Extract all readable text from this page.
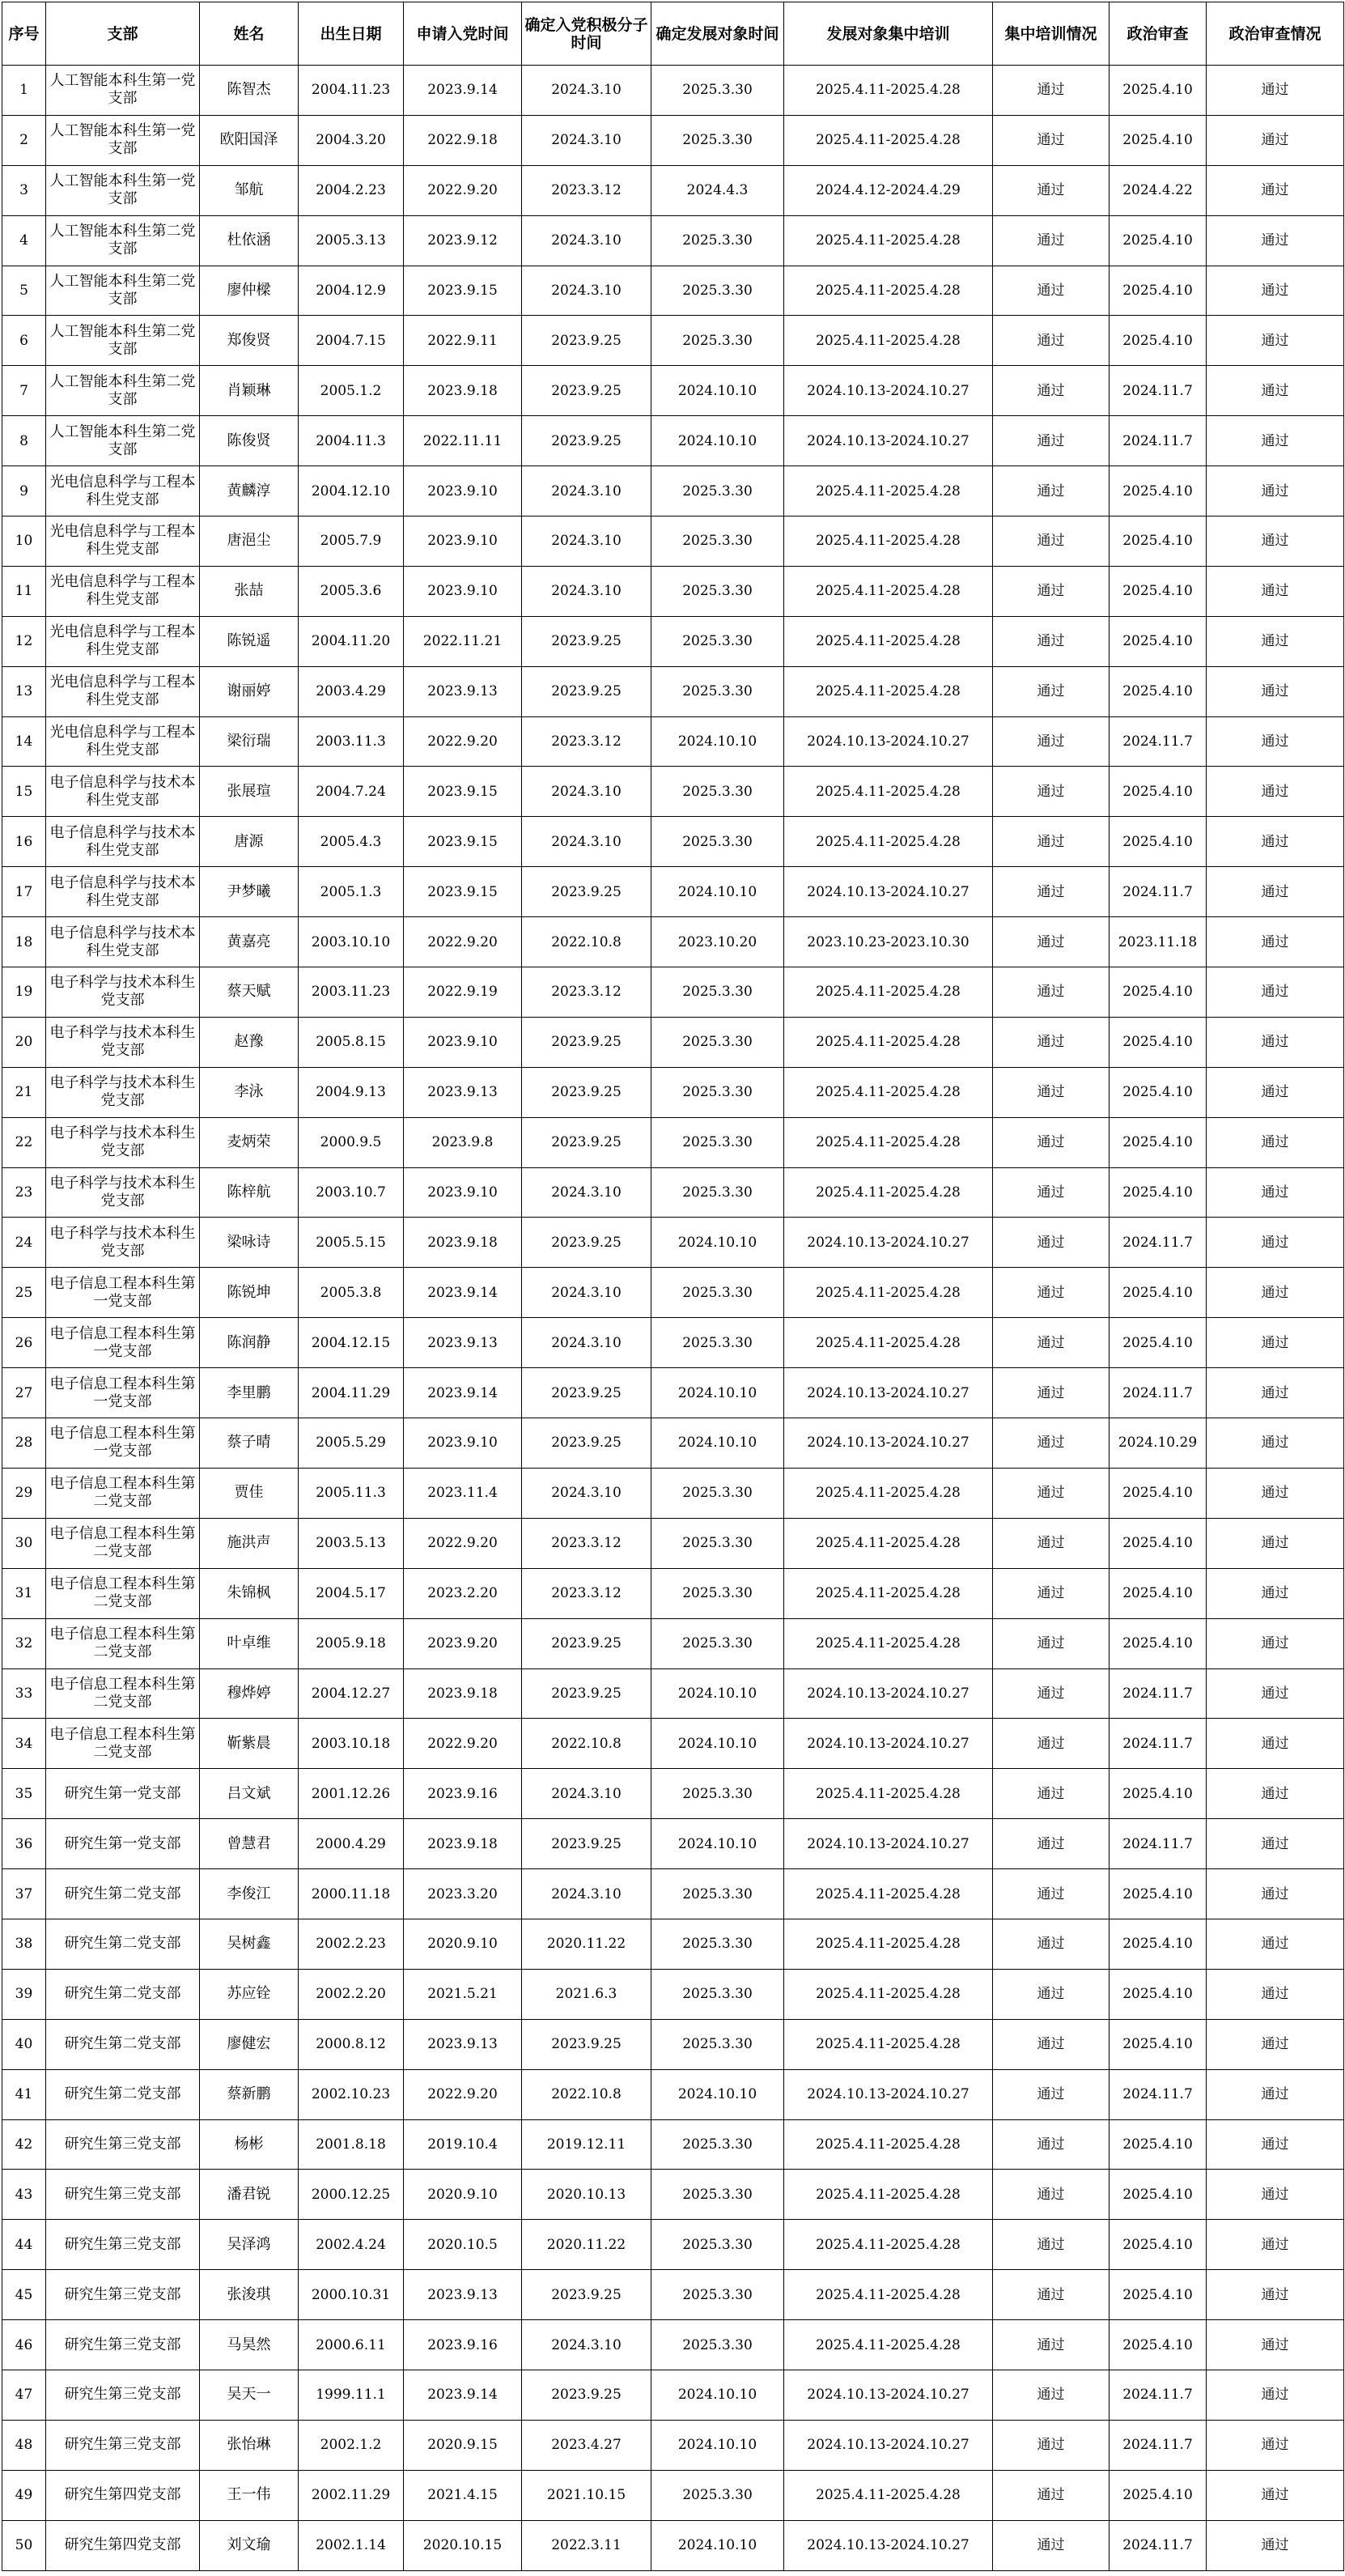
序号	支部	姓名	出生日期	申请入党时间	确定入党积极分子时间	确定发展对象时间	发展对象集中培训	集中培训情况	政治审查	政治审查情况
1	人工智能本科生第一党支部	陈智杰	2004.11.23	2023.9.14	2024.3.10	2025.3.30	2025.4.11-2025.4.28	通过	2025.4.10	通过
2	人工智能本科生第一党支部	欧阳国泽	2004.3.20	2022.9.18	2024.3.10	2025.3.30	2025.4.11-2025.4.28	通过	2025.4.10	通过
3	人工智能本科生第一党支部	邹航	2004.2.23	2022.9.20	2023.3.12	2024.4.3	2024.4.12-2024.4.29	通过	2024.4.22	通过
4	人工智能本科生第二党支部	杜依涵	2005.3.13	2023.9.12	2024.3.10	2025.3.30	2025.4.11-2025.4.28	通过	2025.4.10	通过
5	人工智能本科生第二党支部	廖仲樑	2004.12.9	2023.9.15	2024.3.10	2025.3.30	2025.4.11-2025.4.28	通过	2025.4.10	通过
6	人工智能本科生第二党支部	郑俊贤	2004.7.15	2022.9.11	2023.9.25	2025.3.30	2025.4.11-2025.4.28	通过	2025.4.10	通过
7	人工智能本科生第二党支部	肖颖琳	2005.1.2	2023.9.18	2023.9.25	2024.10.10	2024.10.13-2024.10.27	通过	2024.11.7	通过
8	人工智能本科生第二党支部	陈俊贤	2004.11.3	2022.11.11	2023.9.25	2024.10.10	2024.10.13-2024.10.27	通过	2024.11.7	通过
9	光电信息科学与工程本科生党支部	黄麟淳	2004.12.10	2023.9.10	2024.3.10	2025.3.30	2025.4.11-2025.4.28	通过	2025.4.10	通过
10	光电信息科学与工程本科生党支部	唐浥尘	2005.7.9	2023.9.10	2024.3.10	2025.3.30	2025.4.11-2025.4.28	通过	2025.4.10	通过
11	光电信息科学与工程本科生党支部	张喆	2005.3.6	2023.9.10	2024.3.10	2025.3.30	2025.4.11-2025.4.28	通过	2025.4.10	通过
12	光电信息科学与工程本科生党支部	陈锐遥	2004.11.20	2022.11.21	2023.9.25	2025.3.30	2025.4.11-2025.4.28	通过	2025.4.10	通过
13	光电信息科学与工程本科生党支部	谢丽婷	2003.4.29	2023.9.13	2023.9.25	2025.3.30	2025.4.11-2025.4.28	通过	2025.4.10	通过
14	光电信息科学与工程本科生党支部	梁衍瑞	2003.11.3	2022.9.20	2023.3.12	2024.10.10	2024.10.13-2024.10.27	通过	2024.11.7	通过
15	电子信息科学与技术本科生党支部	张展瑄	2004.7.24	2023.9.15	2024.3.10	2025.3.30	2025.4.11-2025.4.28	通过	2025.4.10	通过
16	电子信息科学与技术本科生党支部	唐源	2005.4.3	2023.9.15	2024.3.10	2025.3.30	2025.4.11-2025.4.28	通过	2025.4.10	通过
17	电子信息科学与技术本科生党支部	尹梦曦	2005.1.3	2023.9.15	2023.9.25	2024.10.10	2024.10.13-2024.10.27	通过	2024.11.7	通过
18	电子信息科学与技术本科生党支部	黄嘉亮	2003.10.10	2022.9.20	2022.10.8	2023.10.20	2023.10.23-2023.10.30	通过	2023.11.18	通过
19	电子科学与技术本科生党支部	蔡天赋	2003.11.23	2022.9.19	2023.3.12	2025.3.30	2025.4.11-2025.4.28	通过	2025.4.10	通过
20	电子科学与技术本科生党支部	赵豫	2005.8.15	2023.9.10	2023.9.25	2025.3.30	2025.4.11-2025.4.28	通过	2025.4.10	通过
21	电子科学与技术本科生党支部	李泳	2004.9.13	2023.9.13	2023.9.25	2025.3.30	2025.4.11-2025.4.28	通过	2025.4.10	通过
22	电子科学与技术本科生党支部	麦炳荣	2000.9.5	2023.9.8	2023.9.25	2025.3.30	2025.4.11-2025.4.28	通过	2025.4.10	通过
23	电子科学与技术本科生党支部	陈梓航	2003.10.7	2023.9.10	2024.3.10	2025.3.30	2025.4.11-2025.4.28	通过	2025.4.10	通过
24	电子科学与技术本科生党支部	梁咏诗	2005.5.15	2023.9.18	2023.9.25	2024.10.10	2024.10.13-2024.10.27	通过	2024.11.7	通过
25	电子信息工程本科生第一党支部	陈锐坤	2005.3.8	2023.9.14	2024.3.10	2025.3.30	2025.4.11-2025.4.28	通过	2025.4.10	通过
26	电子信息工程本科生第一党支部	陈润静	2004.12.15	2023.9.13	2024.3.10	2025.3.30	2025.4.11-2025.4.28	通过	2025.4.10	通过
27	电子信息工程本科生第一党支部	李里鹏	2004.11.29	2023.9.14	2023.9.25	2024.10.10	2024.10.13-2024.10.27	通过	2024.11.7	通过
28	电子信息工程本科生第一党支部	蔡子晴	2005.5.29	2023.9.10	2023.9.25	2024.10.10	2024.10.13-2024.10.27	通过	2024.10.29	通过
29	电子信息工程本科生第二党支部	贾佳	2005.11.3	2023.11.4	2024.3.10	2025.3.30	2025.4.11-2025.4.28	通过	2025.4.10	通过
30	电子信息工程本科生第二党支部	施洪声	2003.5.13	2022.9.20	2023.3.12	2025.3.30	2025.4.11-2025.4.28	通过	2025.4.10	通过
31	电子信息工程本科生第二党支部	朱锦枫	2004.5.17	2023.2.20	2023.3.12	2025.3.30	2025.4.11-2025.4.28	通过	2025.4.10	通过
32	电子信息工程本科生第二党支部	叶卓维	2005.9.18	2023.9.20	2023.9.25	2025.3.30	2025.4.11-2025.4.28	通过	2025.4.10	通过
33	电子信息工程本科生第二党支部	穆烨婷	2004.12.27	2023.9.18	2023.9.25	2024.10.10	2024.10.13-2024.10.27	通过	2024.11.7	通过
34	电子信息工程本科生第二党支部	靳紫晨	2003.10.18	2022.9.20	2022.10.8	2024.10.10	2024.10.13-2024.10.27	通过	2024.11.7	通过
35	研究生第一党支部	吕文斌	2001.12.26	2023.9.16	2024.3.10	2025.3.30	2025.4.11-2025.4.28	通过	2025.4.10	通过
36	研究生第一党支部	曾慧君	2000.4.29	2023.9.18	2023.9.25	2024.10.10	2024.10.13-2024.10.27	通过	2024.11.7	通过
37	研究生第二党支部	李俊江	2000.11.18	2023.3.20	2024.3.10	2025.3.30	2025.4.11-2025.4.28	通过	2025.4.10	通过
38	研究生第二党支部	吴树鑫	2002.2.23	2020.9.10	2020.11.22	2025.3.30	2025.4.11-2025.4.28	通过	2025.4.10	通过
39	研究生第二党支部	苏应铨	2002.2.20	2021.5.21	2021.6.3	2025.3.30	2025.4.11-2025.4.28	通过	2025.4.10	通过
40	研究生第二党支部	廖健宏	2000.8.12	2023.9.13	2023.9.25	2025.3.30	2025.4.11-2025.4.28	通过	2025.4.10	通过
41	研究生第二党支部	蔡新鹏	2002.10.23	2022.9.20	2022.10.8	2024.10.10	2024.10.13-2024.10.27	通过	2024.11.7	通过
42	研究生第三党支部	杨彬	2001.8.18	2019.10.4	2019.12.11	2025.3.30	2025.4.11-2025.4.28	通过	2025.4.10	通过
43	研究生第三党支部	潘君锐	2000.12.25	2020.9.10	2020.10.13	2025.3.30	2025.4.11-2025.4.28	通过	2025.4.10	通过
44	研究生第三党支部	吴泽鸿	2002.4.24	2020.10.5	2020.11.22	2025.3.30	2025.4.11-2025.4.28	通过	2025.4.10	通过
45	研究生第三党支部	张浚琪	2000.10.31	2023.9.13	2023.9.25	2025.3.30	2025.4.11-2025.4.28	通过	2025.4.10	通过
46	研究生第三党支部	马昊然	2000.6.11	2023.9.16	2024.3.10	2025.3.30	2025.4.11-2025.4.28	通过	2025.4.10	通过
47	研究生第三党支部	吴天一	1999.11.1	2023.9.14	2023.9.25	2024.10.10	2024.10.13-2024.10.27	通过	2024.11.7	通过
48	研究生第三党支部	张怡琳	2002.1.2	2020.9.15	2023.4.27	2024.10.10	2024.10.13-2024.10.27	通过	2024.11.7	通过
49	研究生第四党支部	王一伟	2002.11.29	2021.4.15	2021.10.15	2025.3.30	2025.4.11-2025.4.28	通过	2025.4.10	通过
50	研究生第四党支部	刘文瑜	2002.1.14	2020.10.15	2022.3.11	2024.10.10	2024.10.13-2024.10.27	通过	2024.11.7	通过
